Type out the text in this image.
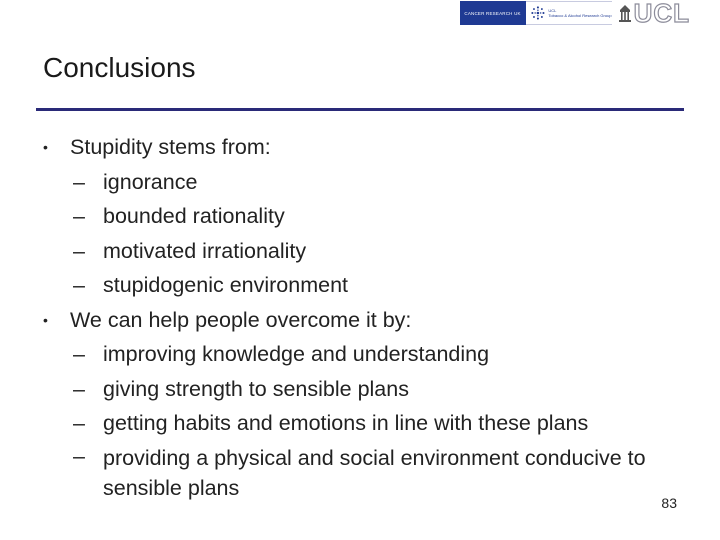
CANCER RESEARCH UK	UCL
Tobacco & Alcohol Research Group UCL
Conclusions
•	Stupidity stems from:
– ignorance
– bounded rationality
– motivated irrationality
– stupidogenic environment
•	We can help people overcome it by:
– improving knowledge and understanding
– giving strength to sensible plans
– getting habits and emotions in line with these plans
– providing a physical and social environment conducive to sensible plans
83
